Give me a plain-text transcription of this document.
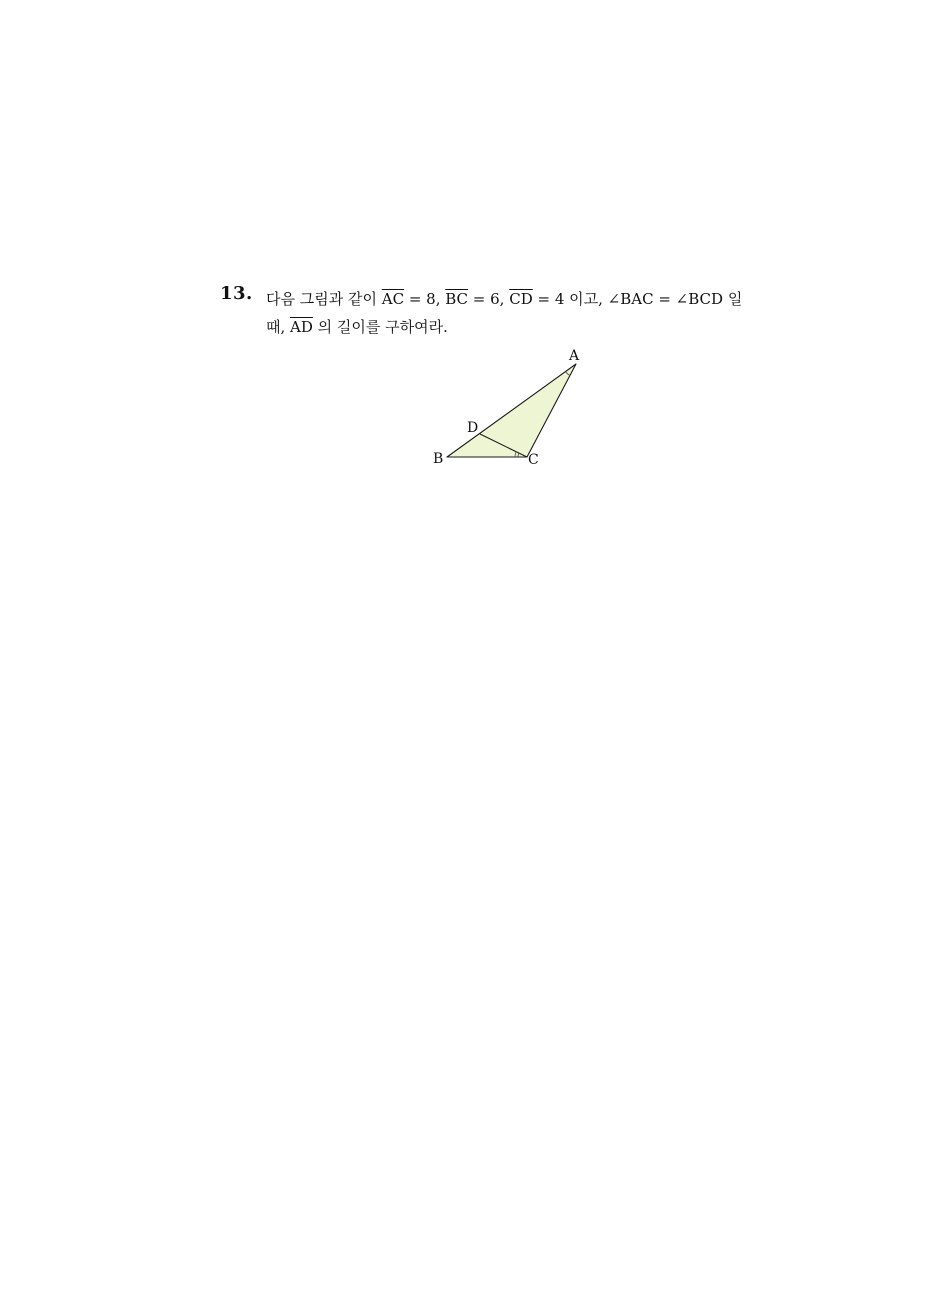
13. 다음 그림과 같이 $\overline{AC} = 8$, $\overline{BC} = 6$, $\overline{CD} = 4$ 이고, ∠BAC = ∠BCD 일
때, $\overline{AD}$ 의 길이를 구하여라.
A
B	C
D
